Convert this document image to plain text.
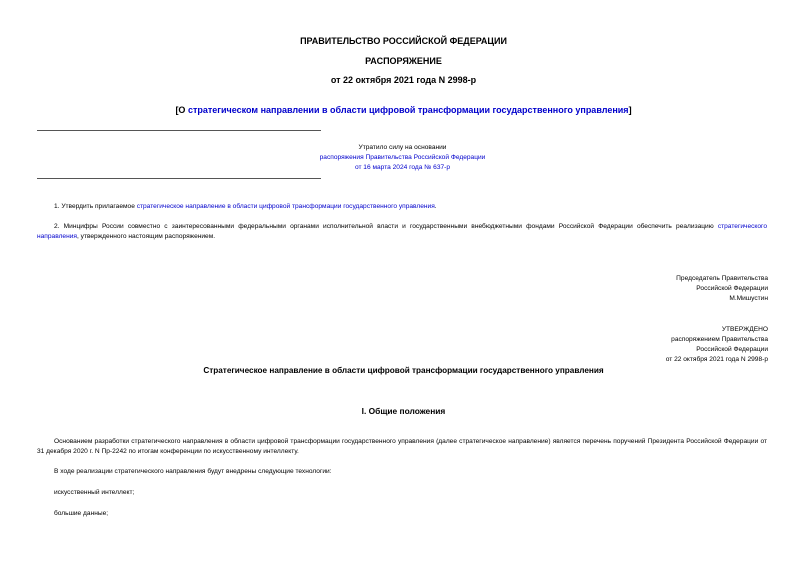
ПРАВИТЕЛЬСТВО РОССИЙСКОЙ ФЕДЕРАЦИИ
РАСПОРЯЖЕНИЕ
от 22 октября 2021 года N 2998-р
[О стратегическом направлении в области цифровой трансформации государственного управления]
Утратило силу на основании
распоряжения Правительства Российской Федерации
от 16 марта 2024 года № 637-р
1. Утвердить прилагаемое стратегическое направление в области цифровой трансформации государственного управления.
2. Минцифры России совместно с заинтересованными федеральными органами исполнительной власти и государственными внебюджетными фондами Российской Федерации обеспечить реализацию стратегического направления, утвержденного настоящим распоряжением.
Председатель Правительства
Российской Федерации
М.Мишустин
УТВЕРЖДЕНО
распоряжением Правительства
Российской Федерации
от 22 октября 2021 года N 2998-р
Стратегическое направление в области цифровой трансформации государственного управления
I. Общие положения
Основанием разработки стратегического направления в области цифровой трансформации государственного управления (далее стратегическое направление) является перечень поручений Президента Российской Федерации от 31 декабря 2020 г. N Пр-2242 по итогам конференции по искусственному интеллекту.
В ходе реализации стратегического направления будут внедрены следующие технологии:
искусственный интеллект;
большие данные;
